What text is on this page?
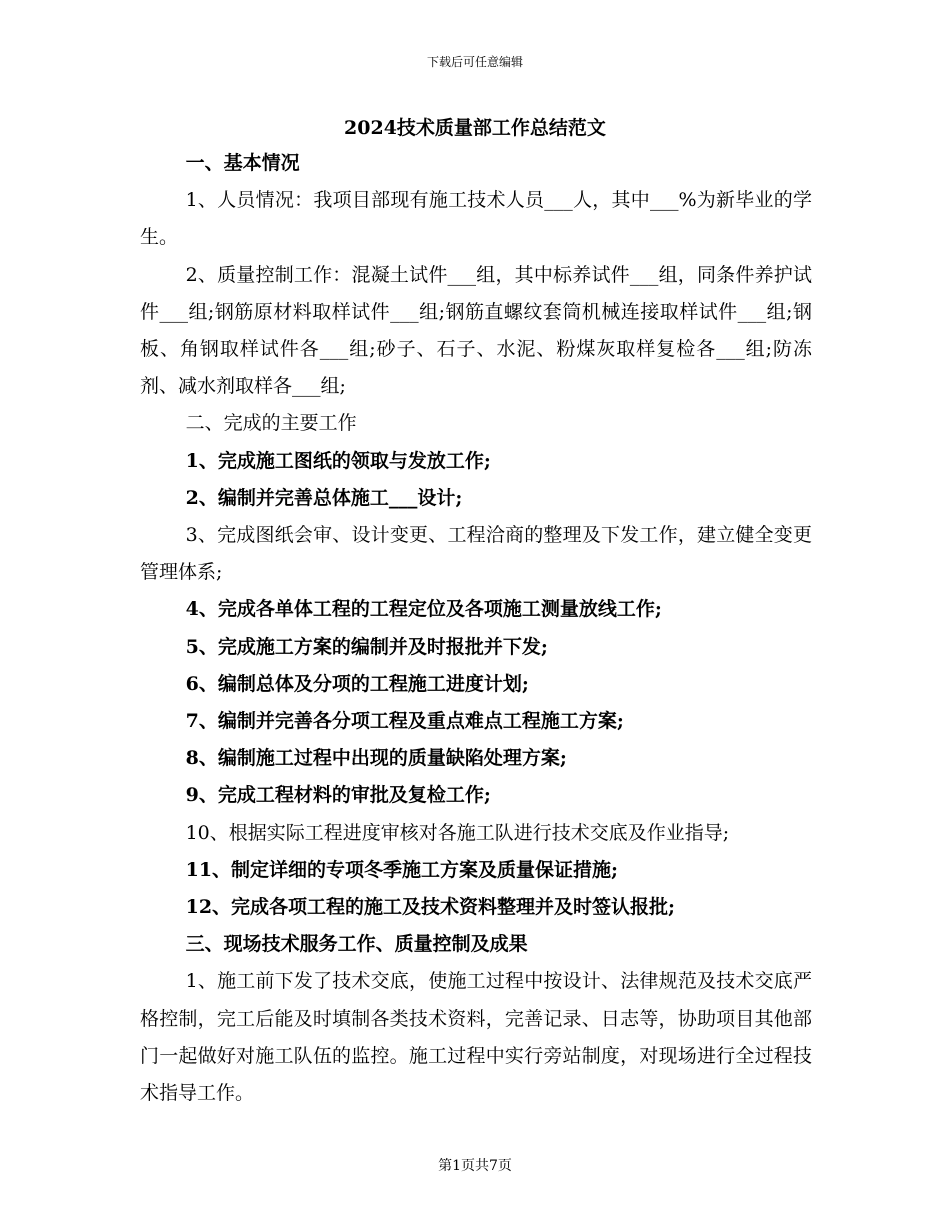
下载后可任意编辑
2024技术质量部工作总结范文

一、基本情况

1、人员情况：我项目部现有施工技术人员___人，其中___%为新毕业的学生。

2、质量控制工作：混凝土试件___组，其中标养试件___组，同条件养护试件___组;钢筋原材料取样试件___组;钢筋直螺纹套筒机械连接取样试件___组;钢板、角钢取样试件各___组;砂子、石子、水泥、粉煤灰取样复检各___组;防冻剂、减水剂取样各___组;

二、完成的主要工作

1、完成施工图纸的领取与发放工作;

2、编制并完善总体施工___设计;

3、完成图纸会审、设计变更、工程洽商的整理及下发工作，建立健全变更管理体系;

4、完成各单体工程的工程定位及各项施工测量放线工作;

5、完成施工方案的编制并及时报批并下发;

6、编制总体及分项的工程施工进度计划;

7、编制并完善各分项工程及重点难点工程施工方案;

8、编制施工过程中出现的质量缺陷处理方案;

9、完成工程材料的审批及复检工作;

10、根据实际工程进度审核对各施工队进行技术交底及作业指导;

11、制定详细的专项冬季施工方案及质量保证措施;

12、完成各项工程的施工及技术资料整理并及时签认报批;

三、现场技术服务工作、质量控制及成果

1、施工前下发了技术交底，使施工过程中按设计、法律规范及技术交底严格控制，完工后能及时填制各类技术资料，完善记录、日志等，协助项目其他部门一起做好对施工队伍的监控。施工过程中实行旁站制度，对现场进行全过程技术指导工作。

第1页共7页
